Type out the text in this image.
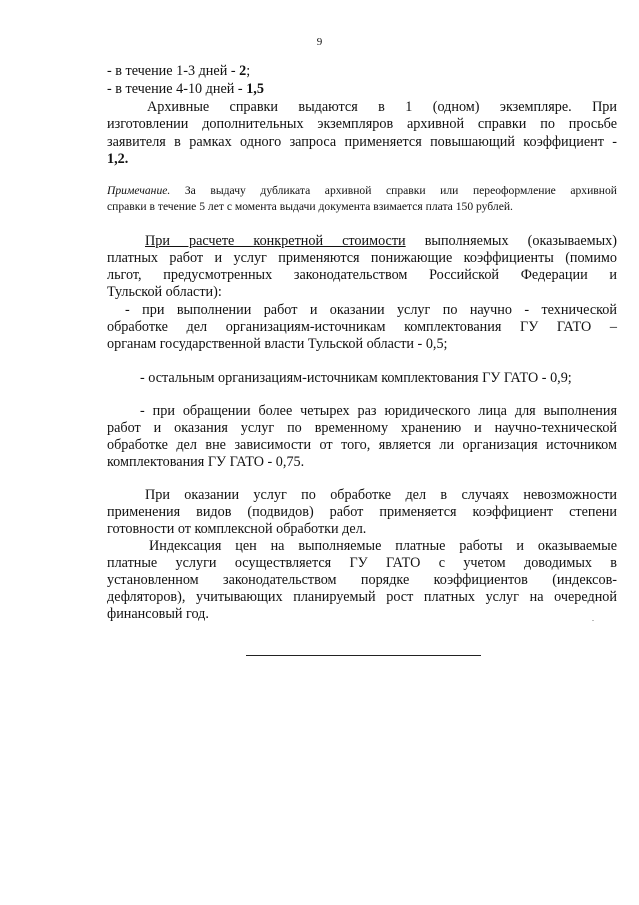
9
- в течение 1-3 дней - 2;
- в течение 4-10 дней - 1,5
Архивные справки выдаются в 1 (одном) экземпляре. При
изготовлении дополнительных экземпляров архивной справки по просьбе
заявителя в рамках одного запроса применяется повышающий коэффициент -
1,2.
Примечание. За выдачу дубликата архивной справки или переоформление архивной
справки в течение 5 лет с момента выдачи документа взимается плата 150 рублей.
При расчете конкретной стоимости выполняемых (оказываемых)
платных работ и услуг применяются понижающие коэффициенты (помимо
льгот, предусмотренных законодательством Российской Федерации и
Тульской области):
- при выполнении работ и оказании услуг по научно - технической
обработке дел организациям-источникам комплектования ГУ ГАТО –
органам государственной власти Тульской области - 0,5;
- остальным организациям-источникам комплектования ГУ ГАТО - 0,9;
- при обращении более четырех раз юридического лица для выполнения
работ и оказания услуг по временному хранению и научно-технической
обработке дел вне зависимости от того, является ли организация источником
комплектования ГУ ГАТО - 0,75.
При оказании услуг по обработке дел в случаях невозможности
применения видов (подвидов) работ применяется коэффициент степени
готовности от комплексной обработки дел.
Индексация цен на выполняемые платные работы и оказываемые
платные услуги осуществляется ГУ ГАТО с учетом доводимых в
установленном законодательством порядке коэффициентов (индексов-
дефляторов), учитывающих планируемый рост платных услуг на очередной
финансовый год.
